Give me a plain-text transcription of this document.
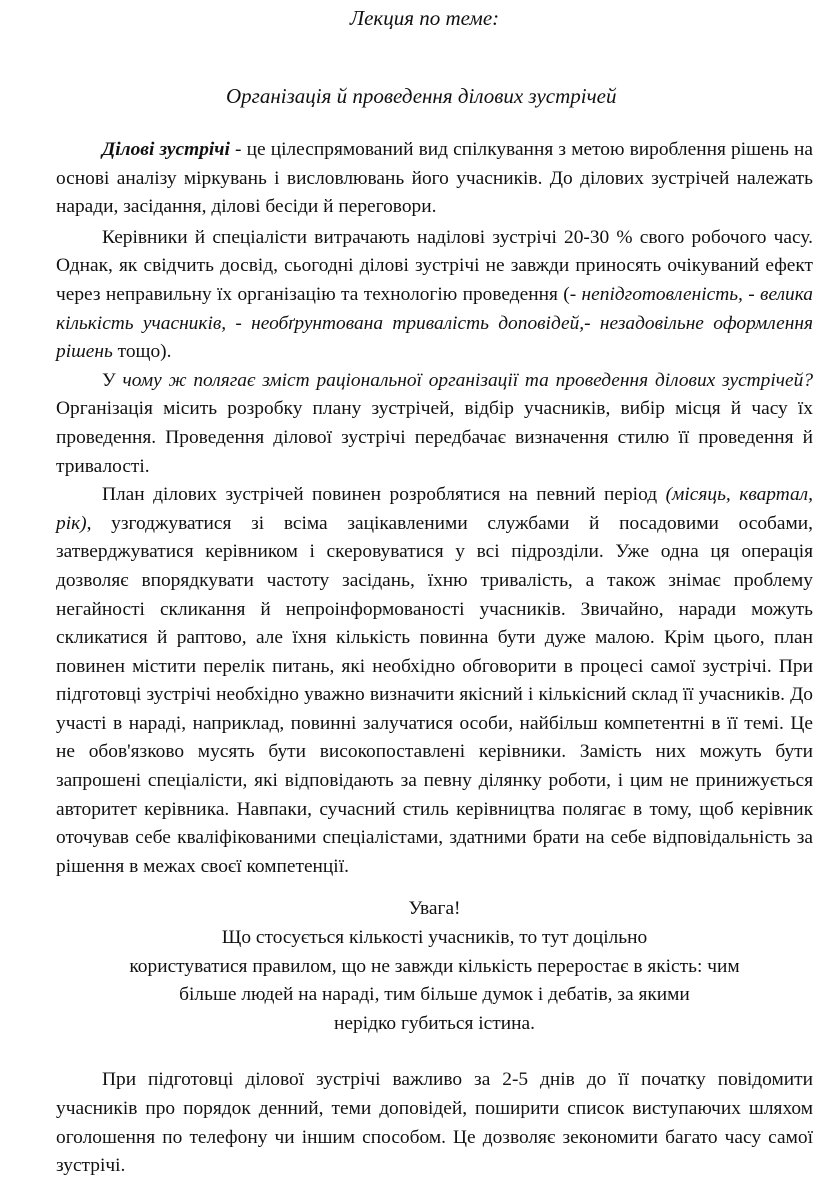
Лекция по теме:
Організація й проведення ділових зустрічей

Ділові зустрічі - це цілеспрямований вид спілкування з метою вироблення рішень на основі аналізу міркувань і висловлювань його учасників. До ділових зустрічей належать наради, засідання, ділові бесіди й переговори.

Керівники й спеціалісти витрачають наділові зустрічі 20-30 % свого робочого часу. Однак, як свідчить досвід, сьогодні ділові зустрічі не завжди приносять очікуваний ефект через неправильну їх організацію та технологію проведення (- непідготовленість, - велика кількість учасників, - необґрунтована тривалість доповідей,- незадовільне оформлення рішень тощо).

У чому ж полягає зміст раціональної організації та проведення ділових зустрічей? Організація місить розробку плану зустрічей, відбір учасників, вибір місця й часу їх проведення. Проведення ділової зустрічі передбачає визначення стилю її проведення й тривалості.

План ділових зустрічей повинен розроблятися на певний період (місяць, квартал, рік), узгоджуватися зі всіма зацікавленими службами й посадовими особами, затверджуватися керівником і скеровуватися у всі підрозділи. Уже одна ця операція дозволяє впорядкувати частоту засідань, їхню тривалість, а також знімає проблему негайності скликання й непроінформованості учасників. Звичайно, наради можуть скликатися й раптово, але їхня кількість повинна бути дуже малою. Крім цього, план повинен містити перелік питань, які необхідно обговорити в процесі самої зустрічі. При підготовці зустрічі необхідно уважно визначити якісний і кількісний склад її учасників. До участі в нараді, наприклад, повинні залучатися особи, найбільш компетентні в її темі. Це не обов'язково мусять бути високопоставлені керівники. Замість них можуть бути запрошені спеціалісти, які відповідають за певну ділянку роботи, і цим не принижується авторитет керівника. Навпаки, сучасний стиль керівництва полягає в тому, щоб керівник оточував себе кваліфікованими спеціалістами, здатними брати на себе відповідальність за рішення в межах своєї компетенції.

Увага!
Що стосується кількості учасників, то тут доцільно
користуватися правилом, що не завжди кількість переростає в якість: чим
більше людей на нараді, тим більше думок і дебатів, за якими
нерідко губиться істина.

При підготовці ділової зустрічі важливо за 2-5 днів до її початку повідомити учасників про порядок денний, теми доповідей, поширити список виступаючих шляхом оголошення по телефону чи іншим способом. Це дозволяє зекономити багато часу самої зустрічі.
